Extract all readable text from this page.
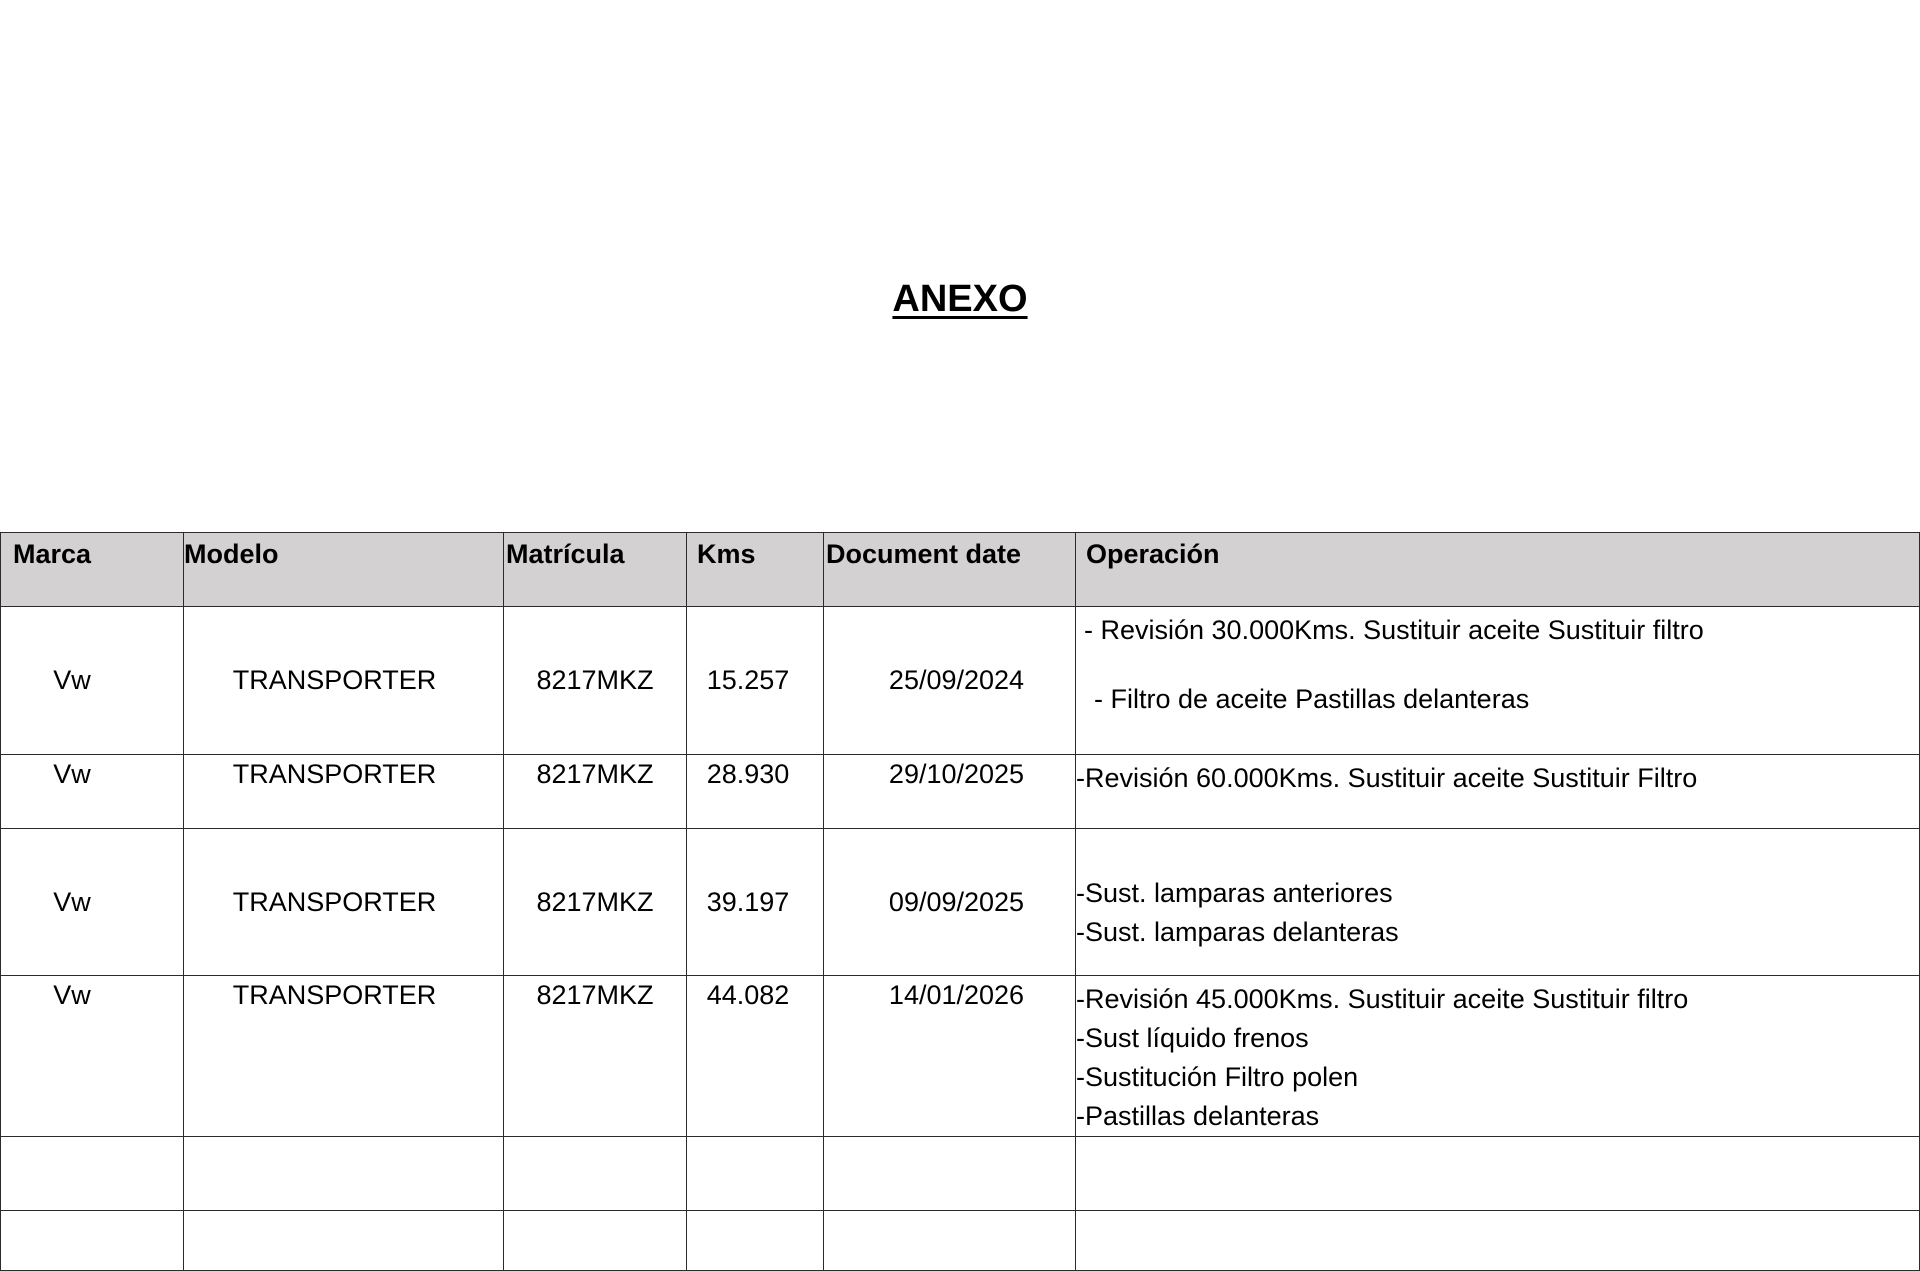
ANEXO
Marca	Modelo	Matrícula	Kms	Document date	Operación
Vw	TRANSPORTER	8217MKZ	15.257	25/09/2024	- Revisión 30.000Kms. Sustituir aceite Sustituir filtro
- Filtro de aceite Pastillas delanteras

Vw	TRANSPORTER	8217MKZ	28.930	29/10/2025	-Revisión 60.000Kms. Sustituir aceite Sustituir Filtro

Vw	TRANSPORTER	8217MKZ	39.197	09/09/2025	-Sust. lamparas anteriores
-Sust. lamparas delanteras

Vw	TRANSPORTER	8217MKZ	44.082	14/01/2026	-Revisión 45.000Kms. Sustituir aceite Sustituir filtro
-Sust líquido frenos
-Sustitución Filtro polen
-Pastillas delanteras
